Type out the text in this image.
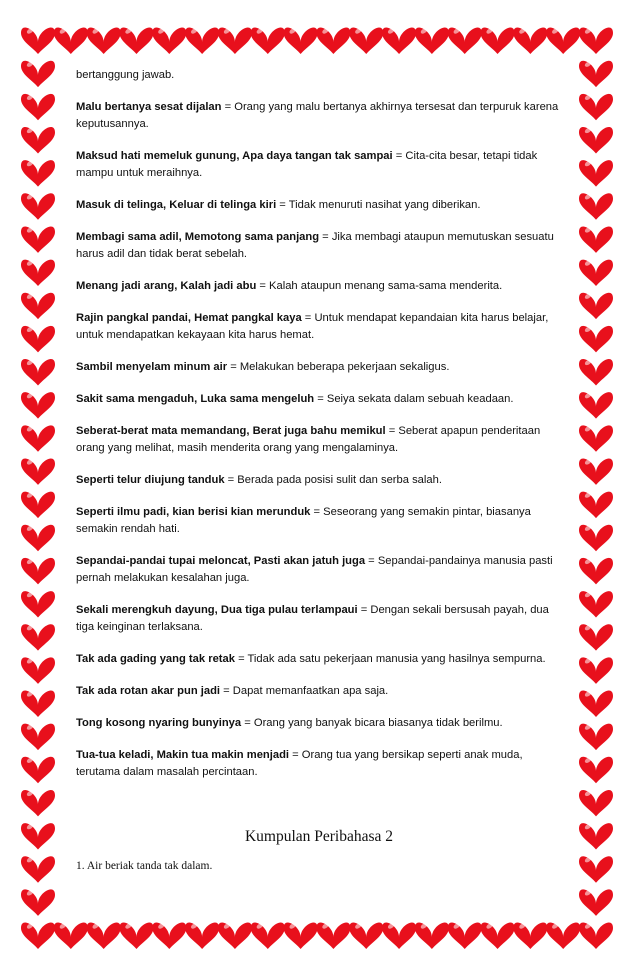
bertanggung jawab.
Malu bertanya sesat dijalan = Orang yang malu bertanya akhirnya tersesat dan terpuruk karena keputusannya.
Maksud hati memeluk gunung, Apa daya tangan tak sampai = Cita-cita besar, tetapi tidak mampu untuk meraihnya.
Masuk di telinga, Keluar di telinga kiri = Tidak menuruti nasihat yang diberikan.
Membagi sama adil, Memotong sama panjang = Jika membagi ataupun memutuskan sesuatu harus adil dan tidak berat sebelah.
Menang jadi arang, Kalah jadi abu = Kalah ataupun menang sama-sama menderita.
Rajin pangkal pandai, Hemat pangkal kaya = Untuk mendapat kepandaian kita harus belajar, untuk mendapatkan kekayaan kita harus hemat.
Sambil menyelam minum air = Melakukan beberapa pekerjaan sekaligus.
Sakit sama mengaduh, Luka sama mengeluh = Seiya sekata dalam sebuah keadaan.
Seberat-berat mata memandang, Berat juga bahu memikul = Seberat apapun penderitaan orang yang melihat, masih menderita orang yang mengalaminya.
Seperti telur diujung tanduk = Berada pada posisi sulit dan serba salah.
Seperti ilmu padi, kian berisi kian merunduk = Seseorang yang semakin pintar, biasanya semakin rendah hati.
Sepandai-pandai tupai meloncat, Pasti akan jatuh juga = Sepandai-pandainya manusia pasti pernah melakukan kesalahan juga.
Sekali merengkuh dayung, Dua tiga pulau terlampaui = Dengan sekali bersusah payah, dua tiga keinginan terlaksana.
Tak ada gading yang tak retak = Tidak ada satu pekerjaan manusia yang hasilnya sempurna.
Tak ada rotan akar pun jadi = Dapat memanfaatkan apa saja.
Tong kosong nyaring bunyinya = Orang yang banyak bicara biasanya tidak berilmu.
Tua-tua keladi, Makin tua makin menjadi = Orang tua yang bersikap seperti anak muda, terutama dalam masalah percintaan.
Kumpulan Peribahasa 2
1. Air beriak tanda tak dalam.
